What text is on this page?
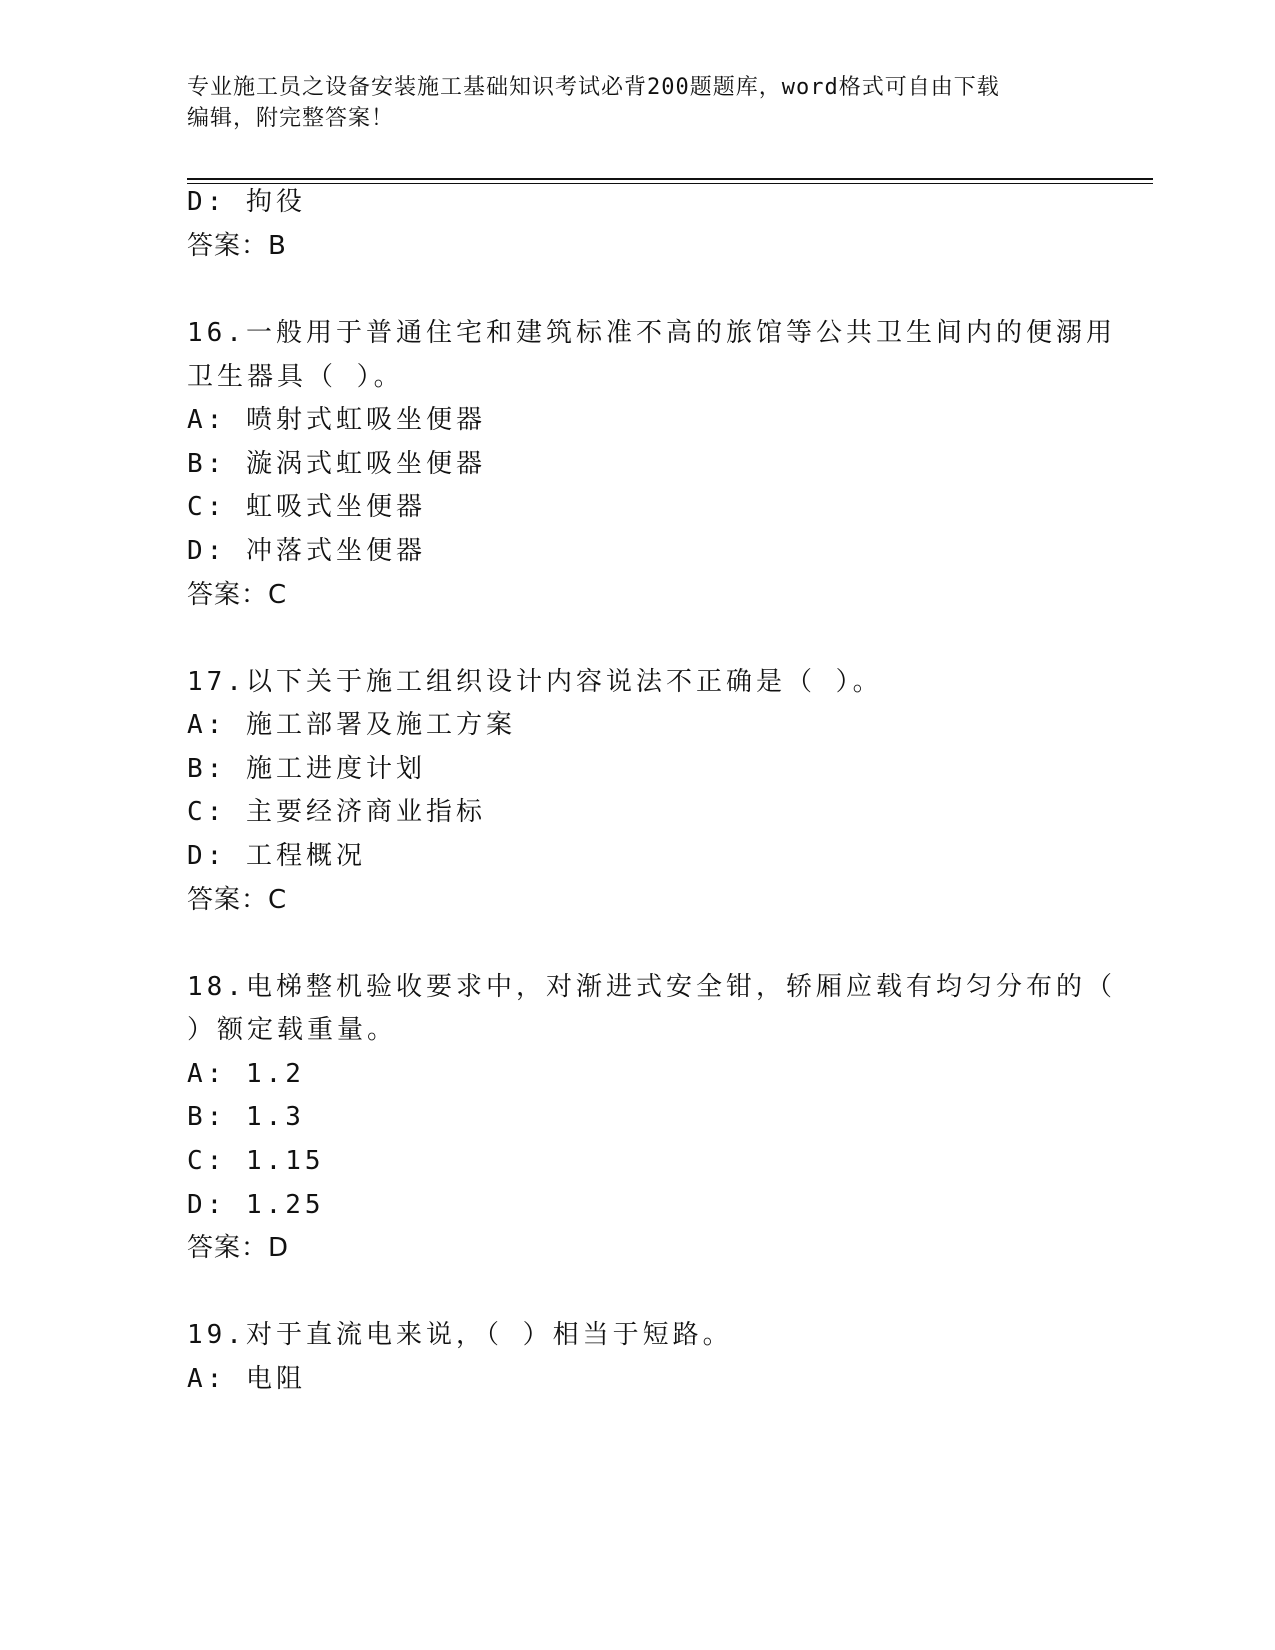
专业施工员之设备安装施工基础知识考试必背200题题库，word格式可自由下载
编辑，附完整答案！
D: 拘役
答案：B
16.一般用于普通住宅和建筑标准不高的旅馆等公共卫生间内的便溺用
卫生器具（ ）。
A: 喷射式虹吸坐便器
B: 漩涡式虹吸坐便器
C: 虹吸式坐便器
D: 冲落式坐便器
答案：C
17.以下关于施工组织设计内容说法不正确是（ ）。
A: 施工部署及施工方案
B: 施工进度计划
C: 主要经济商业指标
D: 工程概况
答案：C
18.电梯整机验收要求中，对渐进式安全钳，轿厢应载有均匀分布的（
）额定载重量。
A: 1.2
B: 1.3
C: 1.15
D: 1.25
答案：D
19.对于直流电来说，（ ）相当于短路。
A: 电阻
